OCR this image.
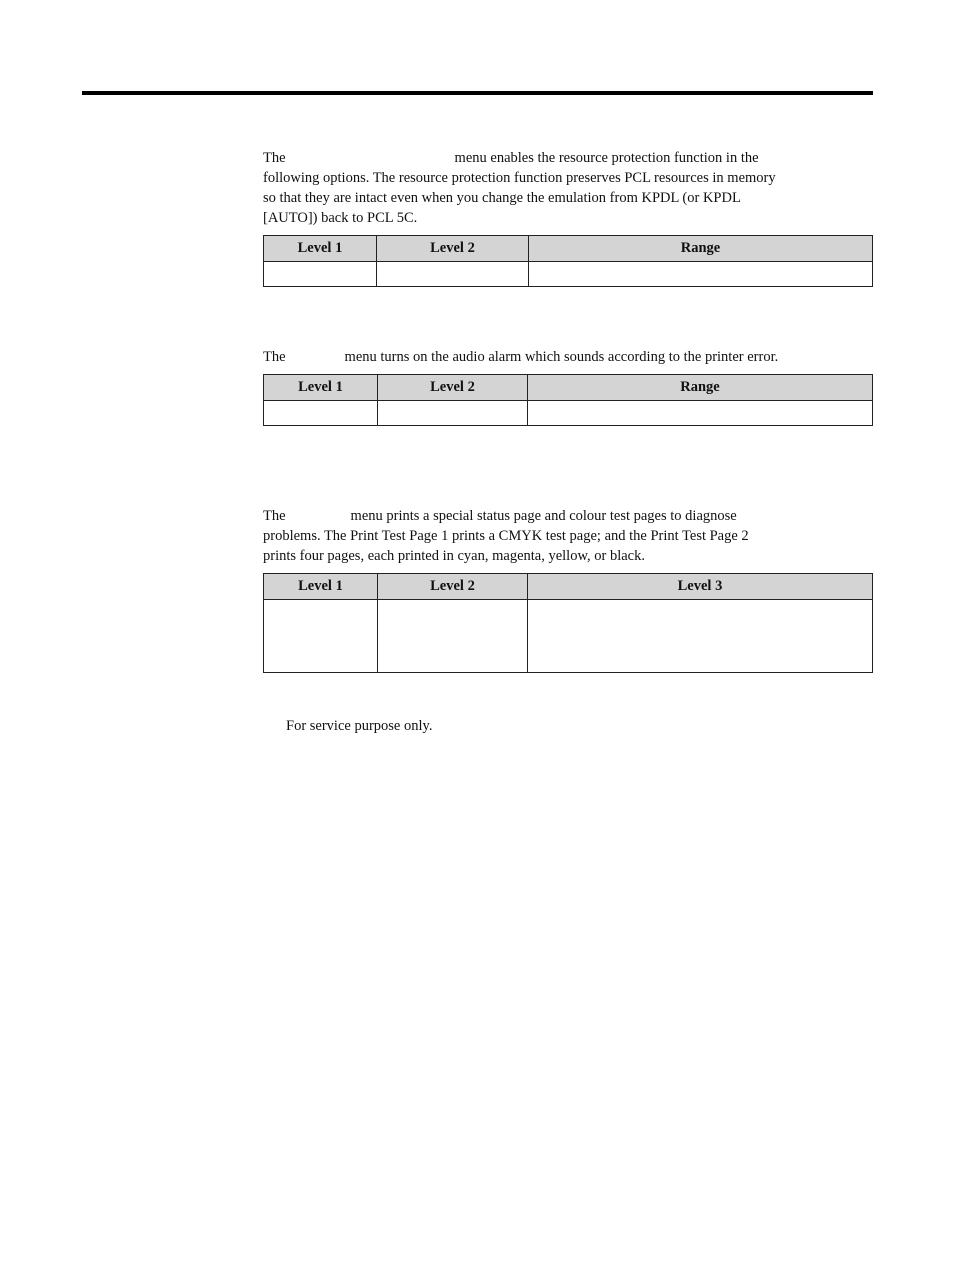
The	menu enables the resource protection function in the
following options. The resource protection function preserves PCL resources in memory
so that they are intact even when you change the emulation from KPDL (or KPDL
[AUTO]) back to PCL 5C.
Level 1	Level 2	Range

The	menu turns on the audio alarm which sounds according to the printer error.
Level 1	Level 2	Range

The	menu prints a special status page and colour test pages to diagnose
problems. The Print Test Page 1 prints a CMYK test page; and the Print Test Page 2
prints four pages, each printed in cyan, magenta, yellow, or black.
Level 1	Level 2	Level 3

For service purpose only.
